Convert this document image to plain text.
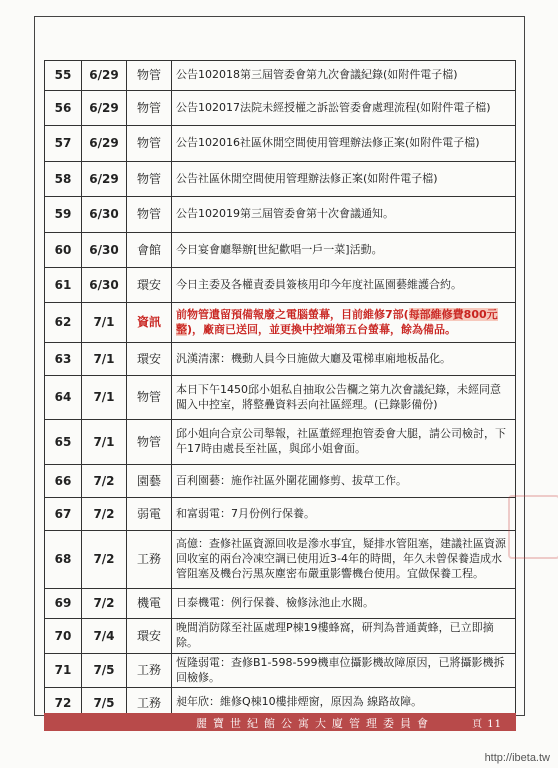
55	6/29	物管	公告102018第三屆管委會第九次會議紀錄(如附件電子檔)
56	6/29	物管	公告102017法院未經授權之訴訟管委會處理流程(如附件電子檔)
57	6/29	物管	公告102016社區休閒空間使用管理辦法修正案(如附件電子檔)
58	6/29	物管	公告社區休閒空間使用管理辦法修正案(如附件電子檔)
59	6/30	物管	公告102019第三屆管委會第十次會議通知。
60	6/30	會館	今日宴會廳舉辦[世紀歡唱一戶一菜]活動。
61	6/30	環安	今日主委及各權責委員簽核用印今年度社區園藝維護合約。
62	7/1	資訊	前物管遺留預備報廢之電腦螢幕，目前維修7部(每部維修費800元整)，廠商已送回，並更換中控端第五台螢幕，餘為備品。
63	7/1	環安	汎漢清潔：機動人員今日施做大廳及電梯車廂地板晶化。
64	7/1	物管	本日下午1450邱小姐私自抽取公告欄之第九次會議紀錄，未經同意闖入中控室，將整疊資料丟向社區經理。(已錄影備份)
65	7/1	物管	邱小姐向合京公司舉報，社區董經理抱管委會大腿，請公司檢討，下午17時由處長至社區，與邱小姐會面。
66	7/2	園藝	百利園藝：施作社區外圍花圃修剪、拔草工作。
67	7/2	弱電	和富弱電：7月份例行保養。
68	7/2	工務	高億：查修社區資源回收是滲水事宜，疑排水管阻塞，建議社區資源回收室的兩台冷凍空調已使用近3-4年的時間，年久未曾保養造成水管阻塞及機台污黑灰塵密布嚴重影響機台使用。宜做保養工程。
69	7/2	機電	日泰機電：例行保養、檢修泳池止水閥。
70	7/4	環安	晚間消防隊至社區處理P棟19樓蜂窩，研判為普通黃蜂，已立即摘除。
71	7/5	工務	恆隆弱電：查修B1-598-599機車位攝影機故障原因，已將攝影機拆回檢修。
72	7/5	工務	昶年欣：維修Q棟10樓排煙窗，原因為 線路故障。
麗寶世紀館公寓大廈管理委員會	頁 11
http://ibeta.tw
